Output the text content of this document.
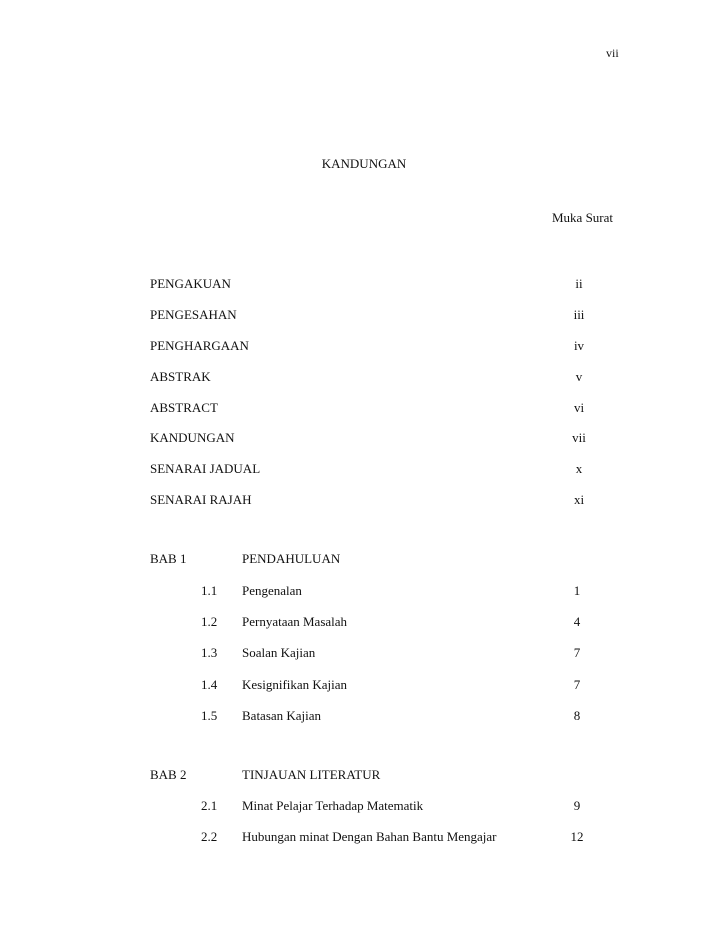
vii
KANDUNGAN
Muka Surat
PENGAKUAN	ii
PENGESAHAN	iii
PENGHARGAAN	iv
ABSTRAK	v
ABSTRACT	vi
KANDUNGAN	vii
SENARAI JADUAL	x
SENARAI RAJAH	xi
BAB 1	PENDAHULUAN
1.1 Pengenalan	1
1.2 Pernyataan Masalah	4
1.3 Soalan Kajian	7
1.4 Kesignifikan Kajian	7
1.5 Batasan Kajian	8
BAB 2	TINJAUAN LITERATUR
2.1 Minat Pelajar Terhadap Matematik	9
2.2 Hubungan minat Dengan Bahan Bantu Mengajar	12
